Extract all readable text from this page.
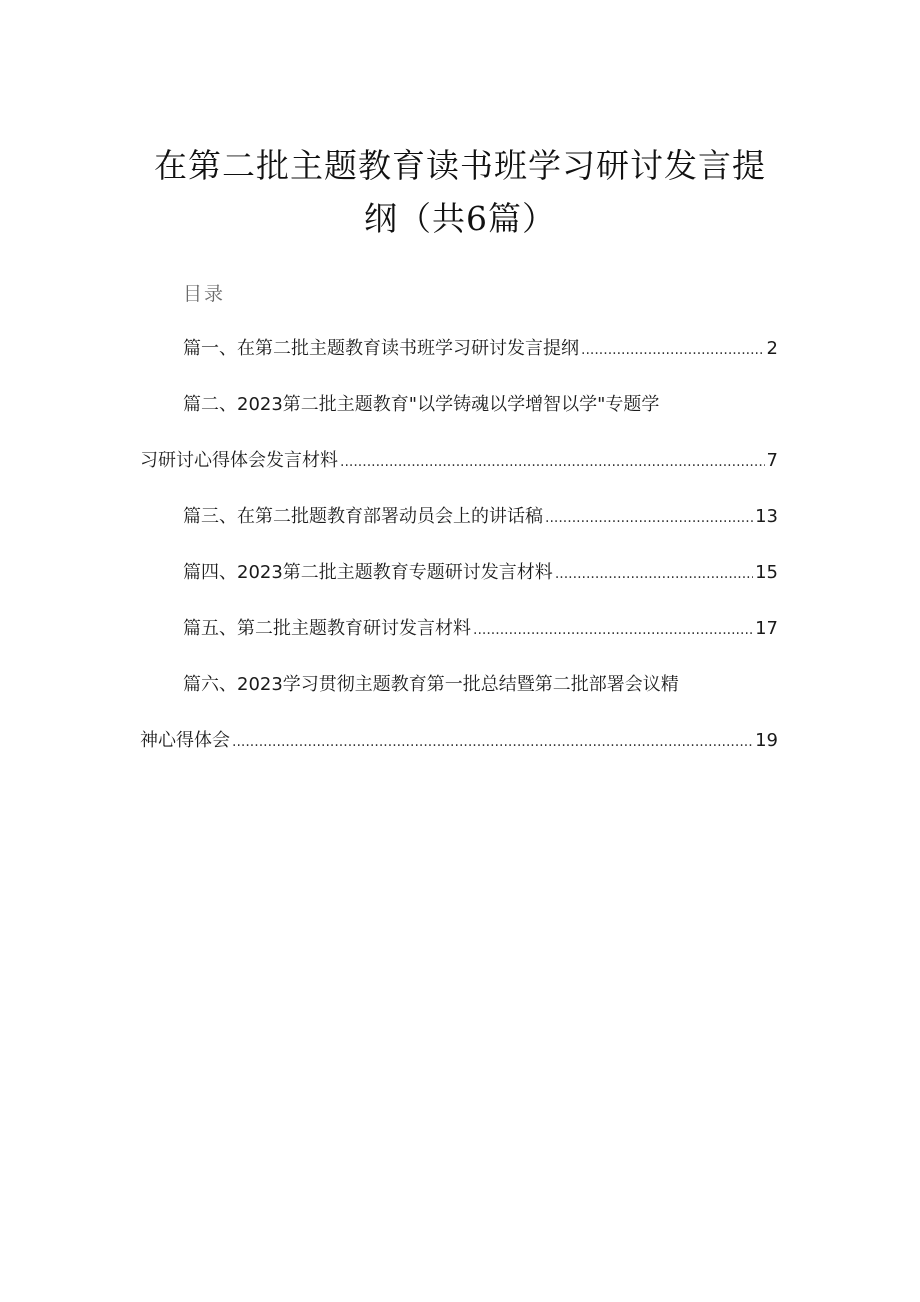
在第二批主题教育读书班学习研讨发言提
纲（共6篇）
目录
篇一、在第二批主题教育读书班学习研讨发言提纲 .....	2
篇二、2023第二批主题教育"以学铸魂以学增智以学"专题学
习研讨心得体会发言材料 .....	7
篇三、在第二批题教育部署动员会上的讲话稿 .....	13
篇四、2023第二批主题教育专题研讨发言材料 .....	15
篇五、第二批主题教育研讨发言材料 .....	17
篇六、2023学习贯彻主题教育第一批总结暨第二批部署会议精
神心得体会 .....	19
